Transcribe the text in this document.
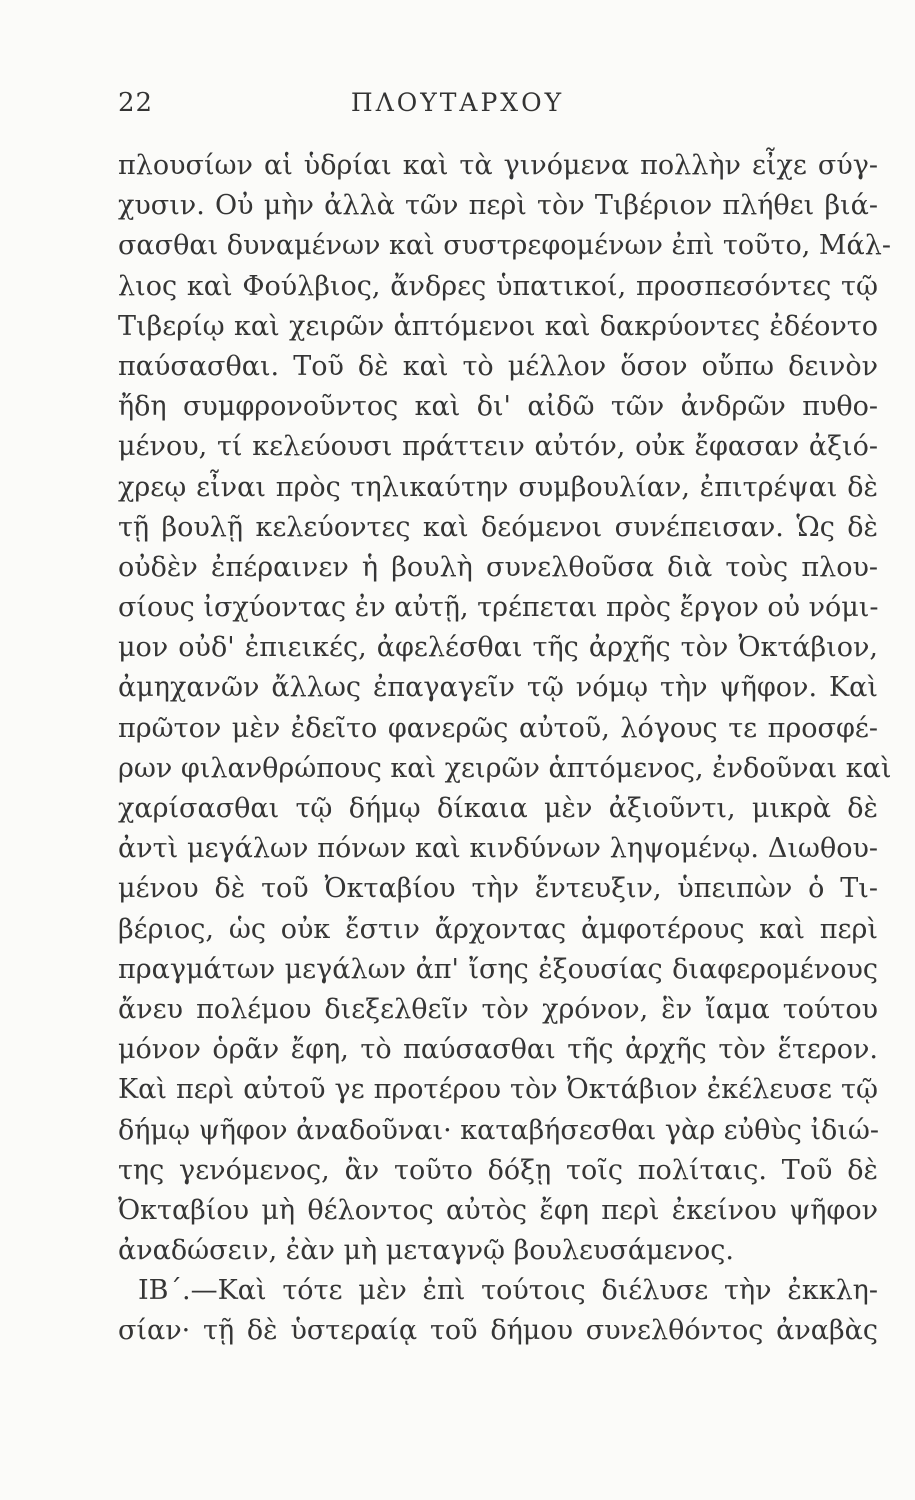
22	ΠΛΟΥΤΑΡΧΟΥ
πλουσίων αἱ ὑδρίαι καὶ τὰ γινόμενα πολλὴν εἶχε σύγ-
χυσιν. Οὐ μὴν ἀλλὰ τῶν περὶ τὸν Τιβέριον πλήθει βιά-
σασθαι δυναμένων καὶ συστρεφομένων ἐπὶ τοῦτο, Μάλ-
λιος καὶ Φούλβιος, ἄνδρες ὑπατικοί, προσπεσόντες τῷ
Τιβερίῳ καὶ χειρῶν ἁπτόμενοι καὶ δακρύοντες ἐδέοντο
παύσασθαι. Τοῦ δὲ καὶ τὸ μέλλον ὅσον οὔπω δεινὸν
ἤδη συμφρονοῦντος καὶ δι' αἰδῶ τῶν ἀνδρῶν πυθο-
μένου, τί κελεύουσι πράττειν αὐτόν, οὐκ ἔφασαν ἀξιό-
χρεῳ εἶναι πρὸς τηλικαύτην συμβουλίαν, ἐπιτρέψαι δὲ
τῇ βουλῇ κελεύοντες καὶ δεόμενοι συνέπεισαν. Ὡς δὲ
οὐδὲν ἐπέραινεν ἡ βουλὴ συνελθοῦσα διὰ τοὺς πλου-
σίους ἰσχύοντας ἐν αὐτῇ, τρέπεται πρὸς ἔργον οὐ νόμι-
μον οὐδ' ἐπιεικές, ἀφελέσθαι τῆς ἀρχῆς τὸν Ὀκτάβιον,
ἀμηχανῶν ἄλλως ἐπαγαγεῖν τῷ νόμῳ τὴν ψῆφον. Καὶ
πρῶτον μὲν ἐδεῖτο φανερῶς αὐτοῦ, λόγους τε προσφέ-
ρων φιλανθρώπους καὶ χειρῶν ἁπτόμενος, ἐνδοῦναι καὶ
χαρίσασθαι τῷ δήμῳ δίκαια μὲν ἀξιοῦντι, μικρὰ δὲ
ἀντὶ μεγάλων πόνων καὶ κινδύνων ληψομένῳ. Διωθου-
μένου δὲ τοῦ Ὀκταβίου τὴν ἔντευξιν, ὑπειπὼν ὁ Τι-
βέριος, ὡς οὐκ ἔστιν ἄρχοντας ἀμφοτέρους καὶ περὶ
πραγμάτων μεγάλων ἀπ' ἴσης ἐξουσίας διαφερομένους
ἄνευ πολέμου διεξελθεῖν τὸν χρόνον, ἓν ἴαμα τούτου
μόνον ὁρᾶν ἔφη, τὸ παύσασθαι τῆς ἀρχῆς τὸν ἕτερον.
Καὶ περὶ αὐτοῦ γε προτέρου τὸν Ὀκτάβιον ἐκέλευσε τῷ
δήμῳ ψῆφον ἀναδοῦναι· καταβήσεσθαι γὰρ εὐθὺς ἰδιώ-
της γενόμενος, ἂν τοῦτο δόξῃ τοῖς πολίταις. Τοῦ δὲ
Ὀκταβίου μὴ θέλοντος αὐτὸς ἔφη περὶ ἐκείνου ψῆφον
ἀναδώσειν, ἐὰν μὴ μεταγνῷ βουλευσάμενος.
ΙΒ΄.—Καὶ τότε μὲν ἐπὶ τούτοις διέλυσε τὴν ἐκκλη-
σίαν· τῇ δὲ ὑστεραίᾳ τοῦ δήμου συνελθόντος ἀναβὰς
